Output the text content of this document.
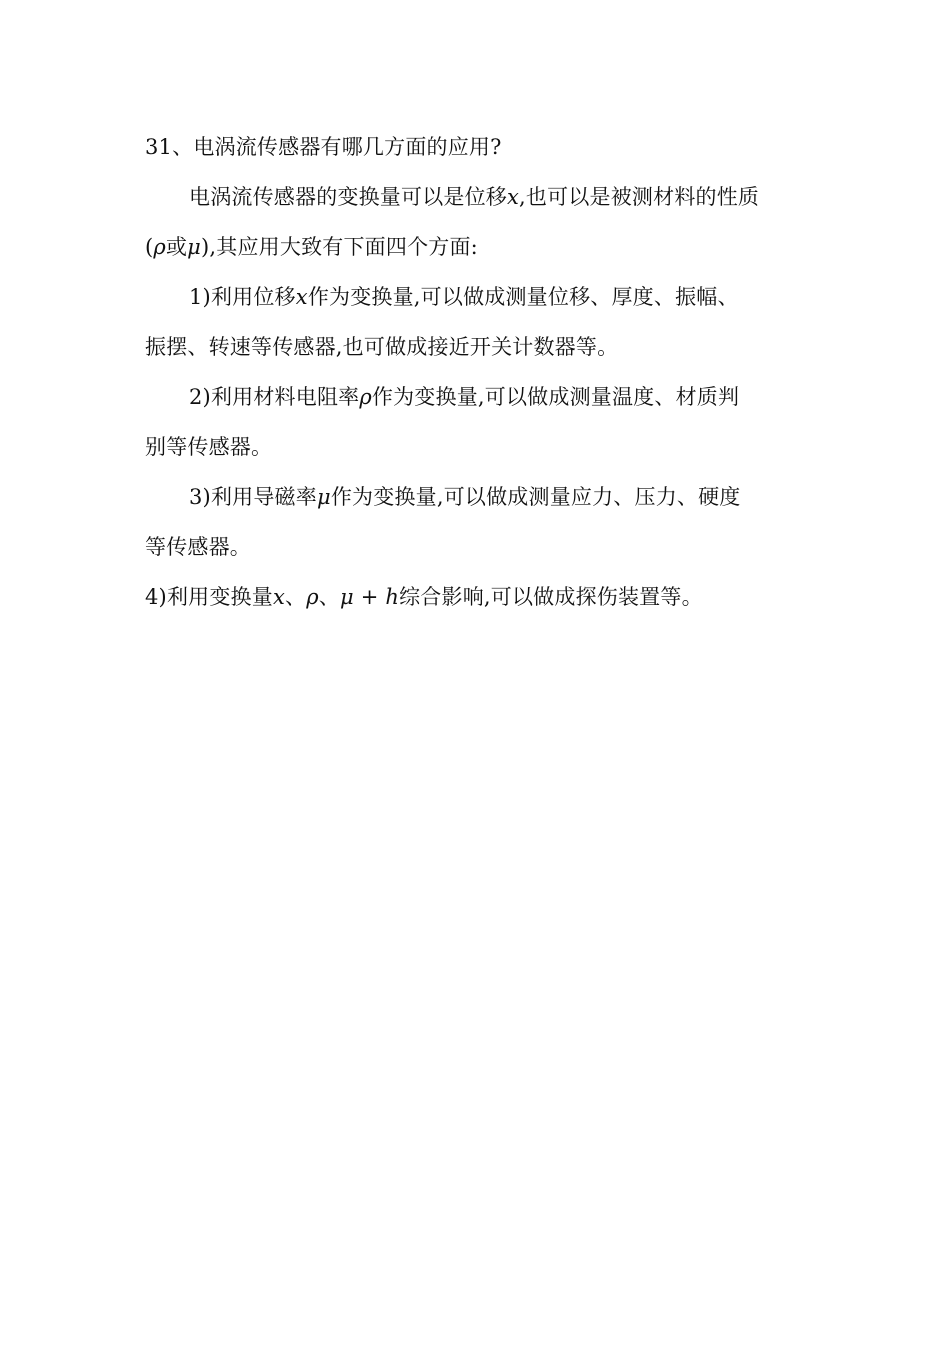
31、电涡流传感器有哪几方面的应用?
电涡流传感器的变换量可以是位移x,也可以是被测材料的性质
(ρ或μ),其应用大致有下面四个方面:
1)利用位移x作为变换量,可以做成测量位移、厚度、振幅、
振摆、转速等传感器,也可做成接近开关计数器等。
2)利用材料电阻率ρ作为变换量,可以做成测量温度、材质判
别等传感器。
3)利用导磁率μ作为变换量,可以做成测量应力、压力、硬度
等传感器。
4)利用变换量x、ρ、μ + h综合影响,可以做成探伤装置等。
